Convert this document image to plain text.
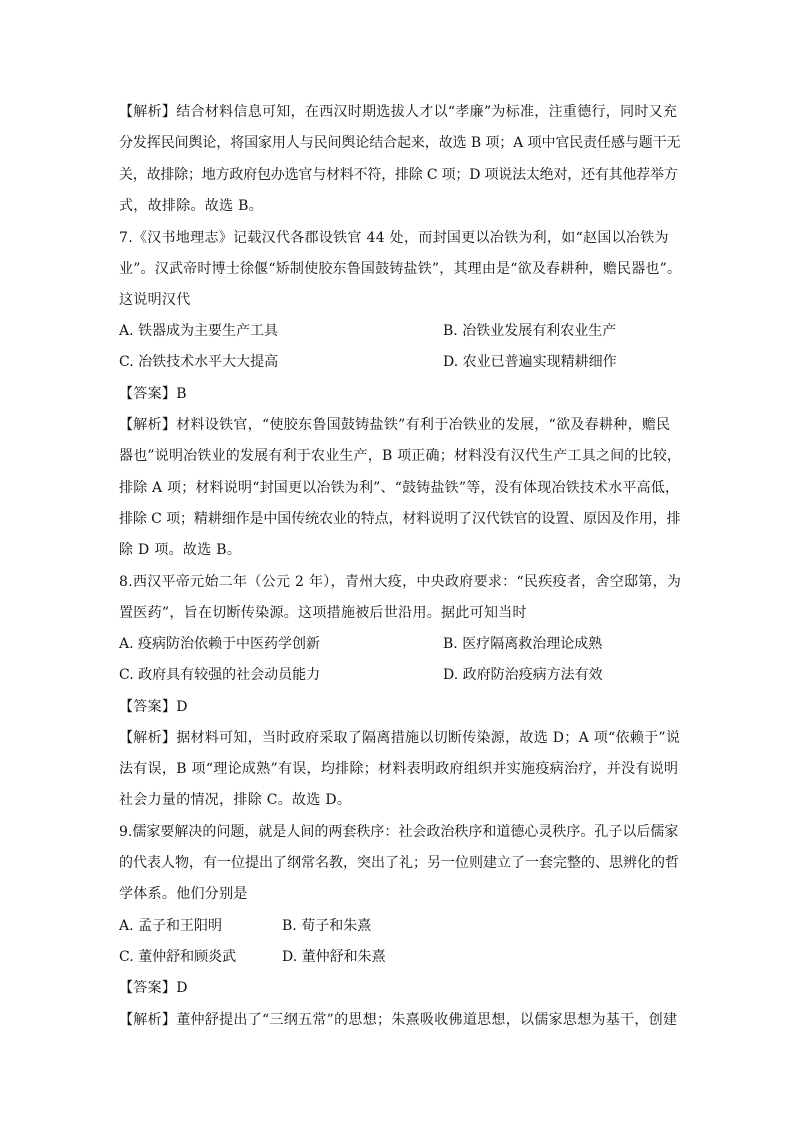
【解析】结合材料信息可知，在西汉时期选拔人才以“孝廉”为标准，注重德行，同时又充
分发挥民间舆论，将国家用人与民间舆论结合起来，故选 B 项；A 项中官民责任感与题干无
关，故排除；地方政府包办选官与材料不符，排除 C 项；D 项说法太绝对，还有其他荐举方
式，故排除。故选 B。
7.《汉书地理志》记载汉代各郡设铁官 44 处，而封国更以冶铁为利，如“赵国以冶铁为
业”。汉武帝时博士徐偃“矫制使胶东鲁国鼓铸盐铁”，其理由是“欲及春耕种，赡民器也”。
这说明汉代
A. 铁器成为主要生产工具	B. 冶铁业发展有利农业生产
C. 冶铁技术水平大大提高	D. 农业已普遍实现精耕细作
【答案】B
【解析】材料设铁官，“使胶东鲁国鼓铸盐铁”有利于冶铁业的发展，“欲及春耕种，赡民
器也”说明冶铁业的发展有利于农业生产，B 项正确；材料没有汉代生产工具之间的比较，
排除 A 项；材料说明“封国更以冶铁为利”、“鼓铸盐铁”等，没有体现冶铁技术水平高低，
排除 C 项；精耕细作是中国传统农业的特点，材料说明了汉代铁官的设置、原因及作用，排
除 D 项。故选 B。
8.西汉平帝元始二年（公元 2 年），青州大疫，中央政府要求：“民疾疫者，舍空邸第，为
置医药”，旨在切断传染源。这项措施被后世沿用。据此可知当时
A. 疫病防治依赖于中医药学创新	B. 医疗隔离救治理论成熟
C. 政府具有较强的社会动员能力	D. 政府防治疫病方法有效
【答案】D
【解析】据材料可知，当时政府采取了隔离措施以切断传染源，故选 D；A 项“依赖于”说
法有误，B 项“理论成熟”有误，均排除；材料表明政府组织并实施疫病治疗，并没有说明
社会力量的情况，排除 C。故选 D。
9.儒家要解决的问题，就是人间的两套秩序：社会政治秩序和道德心灵秩序。孔子以后儒家
的代表人物，有一位提出了纲常名教，突出了礼；另一位则建立了一套完整的、思辨化的哲
学体系。他们分别是
A. 孟子和王阳明	B. 荀子和朱熹
C. 董仲舒和顾炎武	D. 董仲舒和朱熹
【答案】D
【解析】董仲舒提出了“三纲五常”的思想；朱熹吸收佛道思想，以儒家思想为基干，创建
